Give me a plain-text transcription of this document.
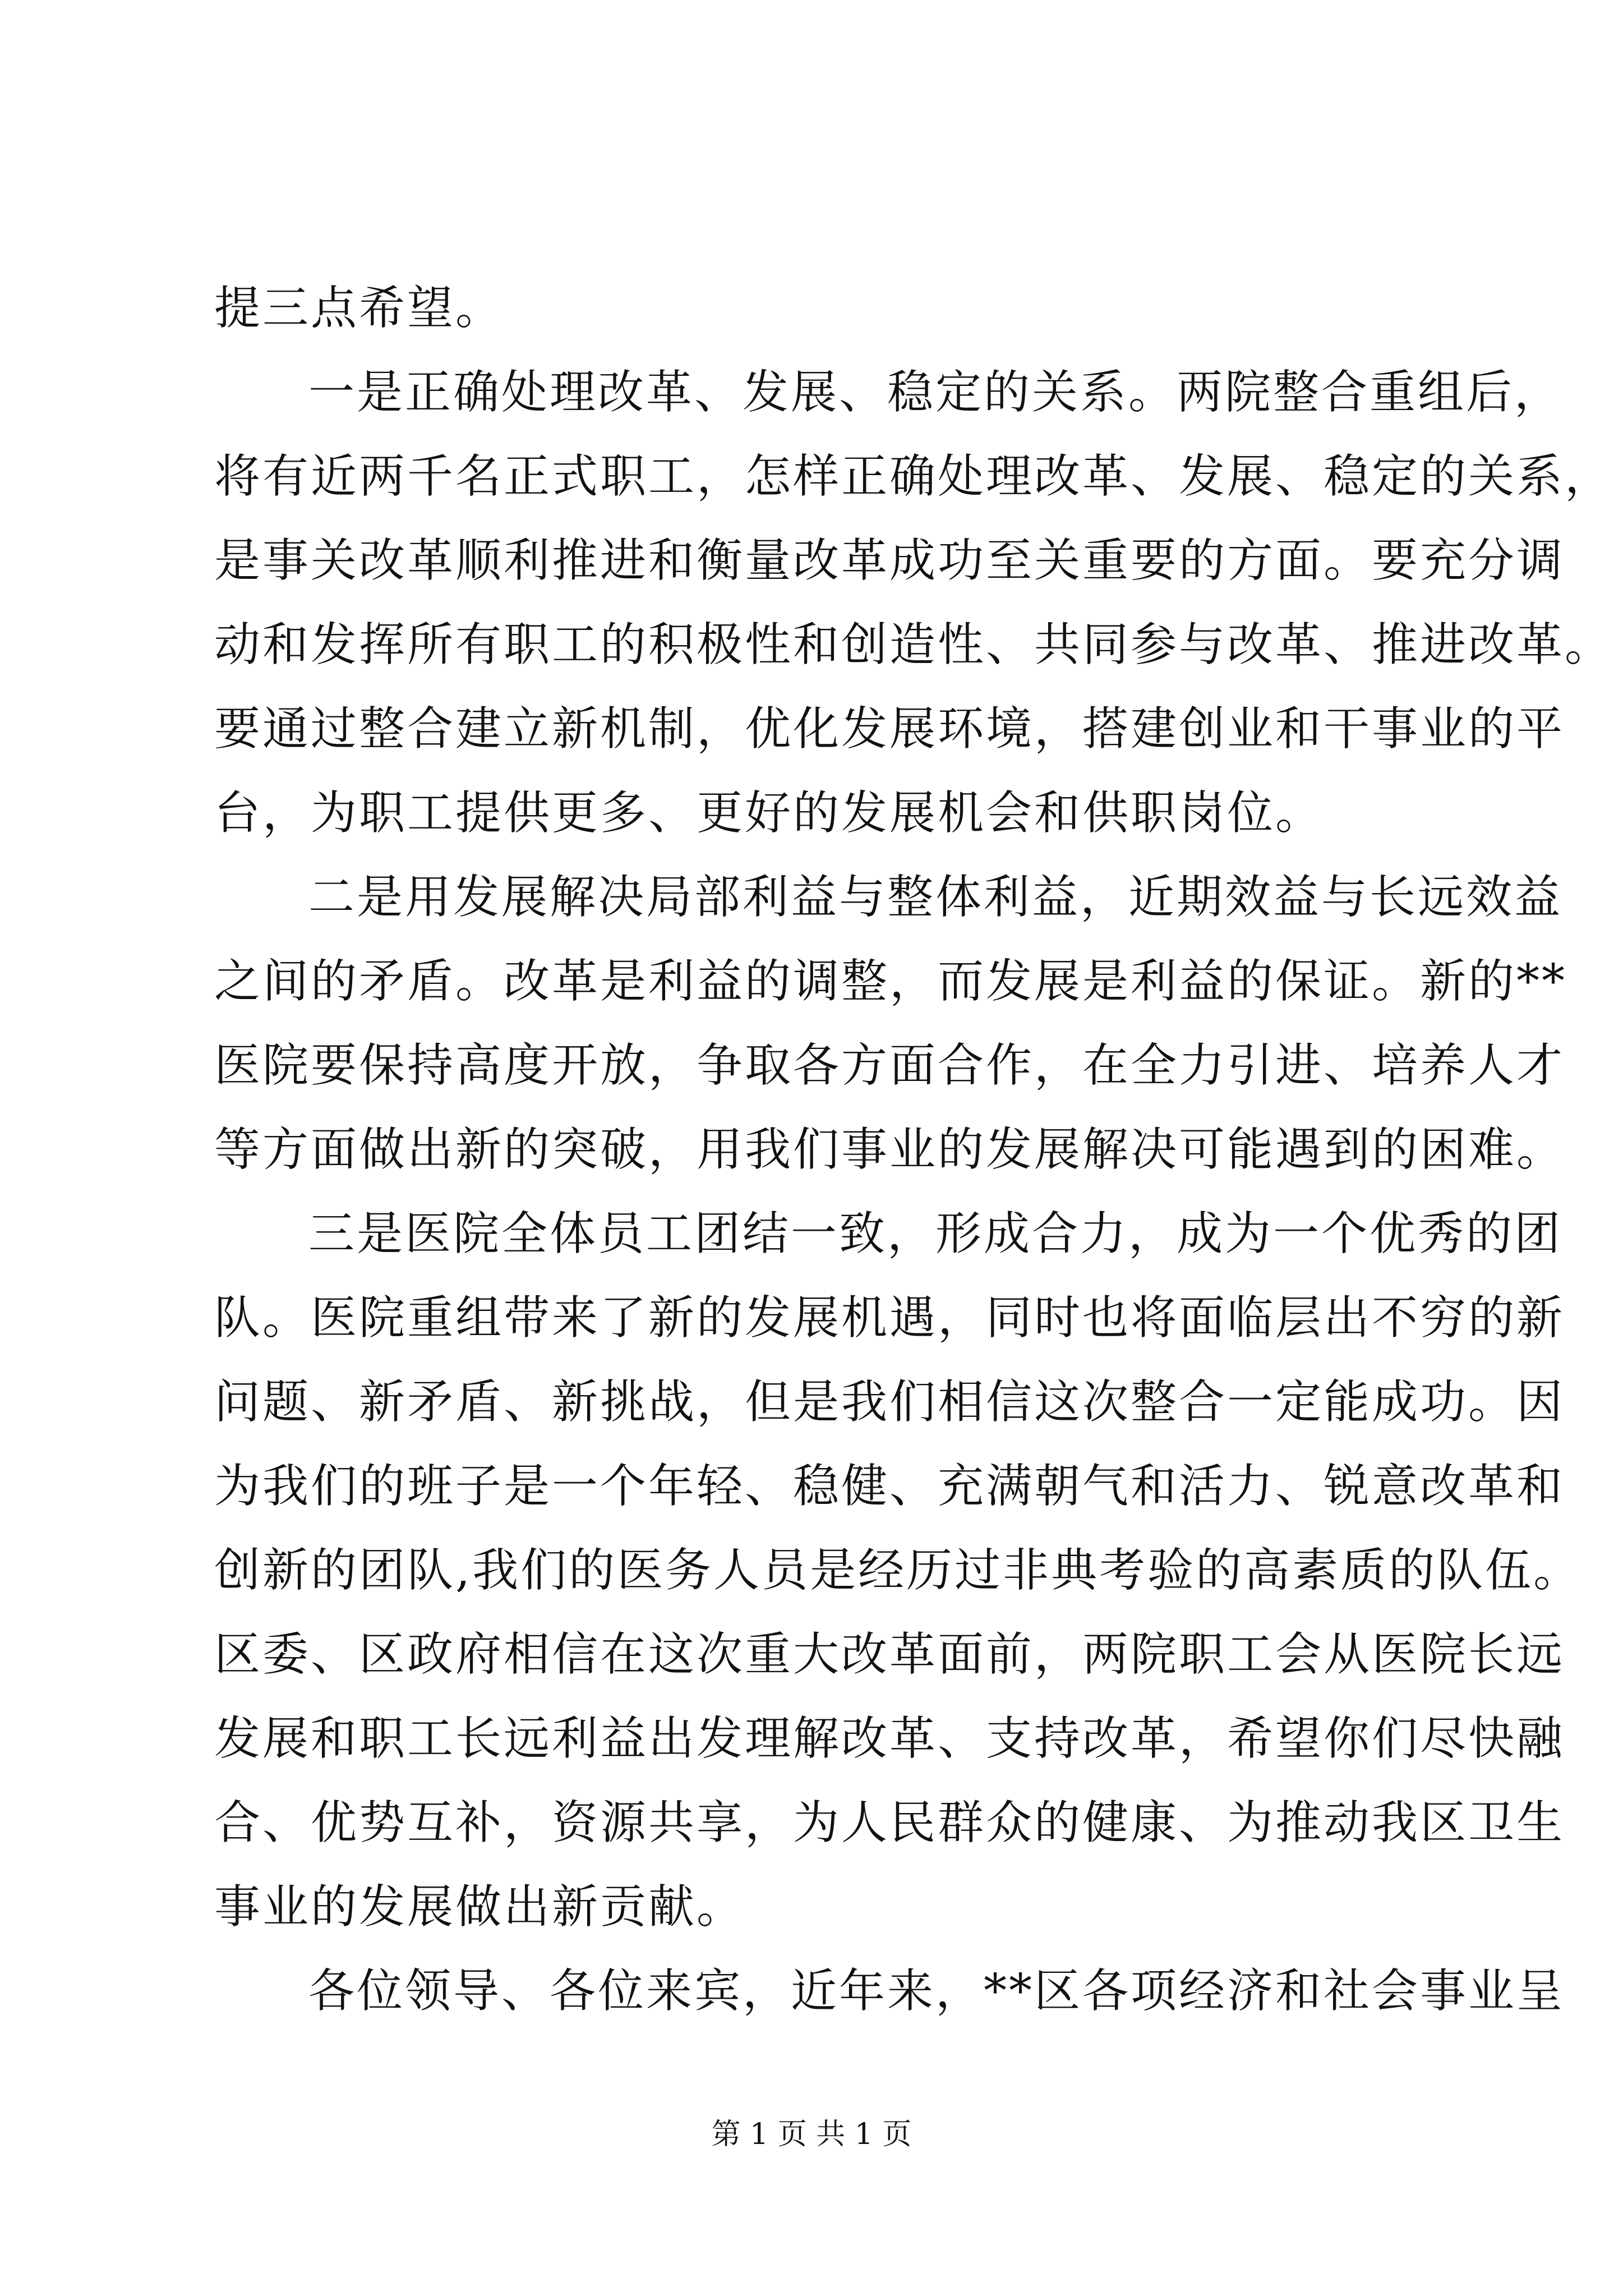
提三点希望。
一是正确处理改革、发展、稳定的关系。两院整合重组后，
将有近两千名正式职工，怎样正确处理改革、发展、稳定的关系，
是事关改革顺利推进和衡量改革成功至关重要的方面。要充分调
动和发挥所有职工的积极性和创造性、共同参与改革、推进改革。
要通过整合建立新机制，优化发展环境，搭建创业和干事业的平
台，为职工提供更多、更好的发展机会和供职岗位。
二是用发展解决局部利益与整体利益，近期效益与长远效益
之间的矛盾。改革是利益的调整，而发展是利益的保证。新的**
医院要保持高度开放，争取各方面合作，在全力引进、培养人才
等方面做出新的突破，用我们事业的发展解决可能遇到的困难。
三是医院全体员工团结一致，形成合力，成为一个优秀的团
队。医院重组带来了新的发展机遇，同时也将面临层出不穷的新
问题、新矛盾、新挑战，但是我们相信这次整合一定能成功。因
为我们的班子是一个年轻、稳健、充满朝气和活力、锐意改革和
创新的团队,我们的医务人员是经历过非典考验的高素质的队伍。
区委、区政府相信在这次重大改革面前，两院职工会从医院长远
发展和职工长远利益出发理解改革、支持改革，希望你们尽快融
合、优势互补，资源共享，为人民群众的健康、为推动我区卫生
事业的发展做出新贡献。
各位领导、各位来宾，近年来，**区各项经济和社会事业呈
第 1 页 共 1 页
